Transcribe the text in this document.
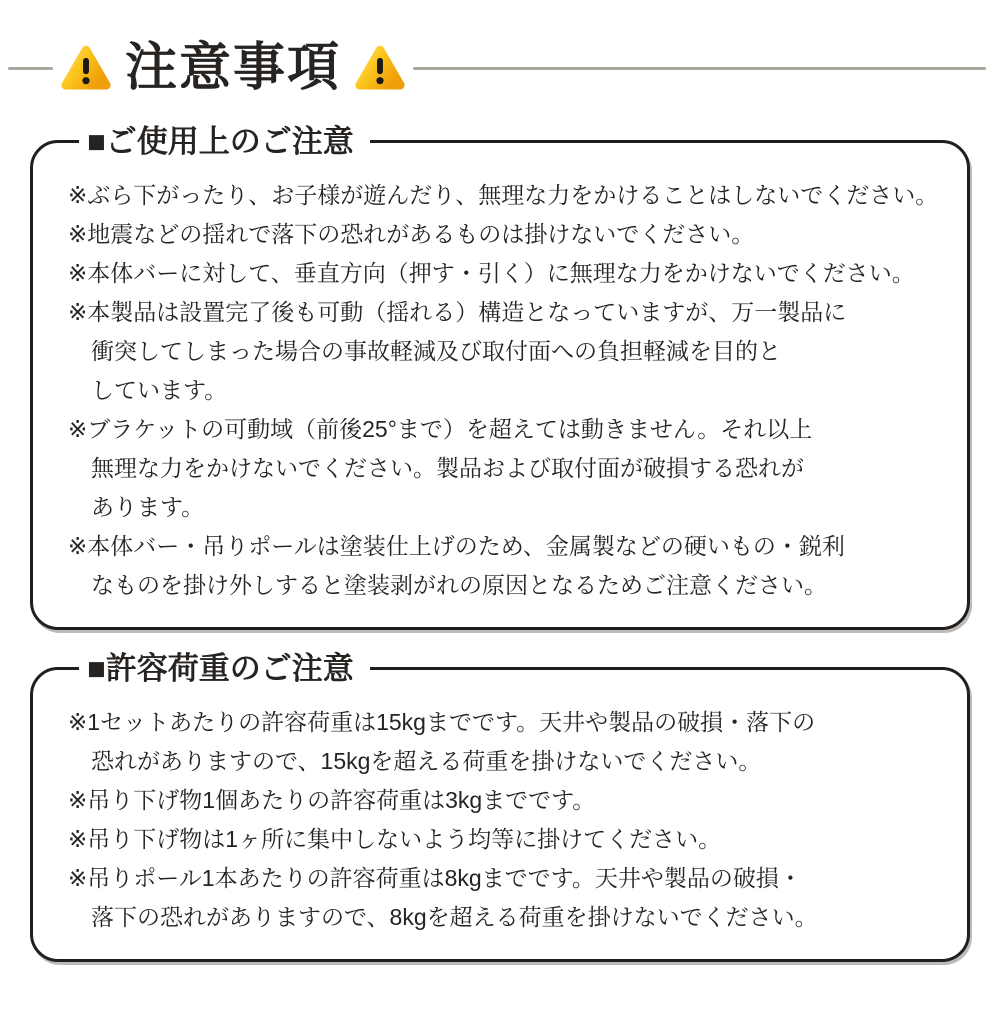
注意事項
■ご使用上のご注意

※ぶら下がったり、お子様が遊んだり、無理な力をかけることはしないでください。

※地震などの揺れで落下の恐れがあるものは掛けないでください。

※本体バーに対して、垂直方向（押す・引く）に無理な力をかけないでください。

※本製品は設置完了後も可動（揺れる）構造となっていますが、万一製品に
衝突してしまった場合の事故軽減及び取付面への負担軽減を目的と
しています。

※ブラケットの可動域（前後25°まで）を超えては動きません。それ以上
無理な力をかけないでください。製品および取付面が破損する恐れが
あります。

※本体バー・吊りポールは塗装仕上げのため、金属製などの硬いもの・鋭利
なものを掛け外しすると塗装剥がれの原因となるためご注意ください。

■許容荷重のご注意

※1セットあたりの許容荷重は15kgまでです。天井や製品の破損・落下の
恐れがありますので、15kgを超える荷重を掛けないでください。

※吊り下げ物1個あたりの許容荷重は3kgまでです。

※吊り下げ物は1ヶ所に集中しないよう均等に掛けてください。

※吊りポール1本あたりの許容荷重は8kgまでです。天井や製品の破損・
落下の恐れがありますので、8kgを超える荷重を掛けないでください。
